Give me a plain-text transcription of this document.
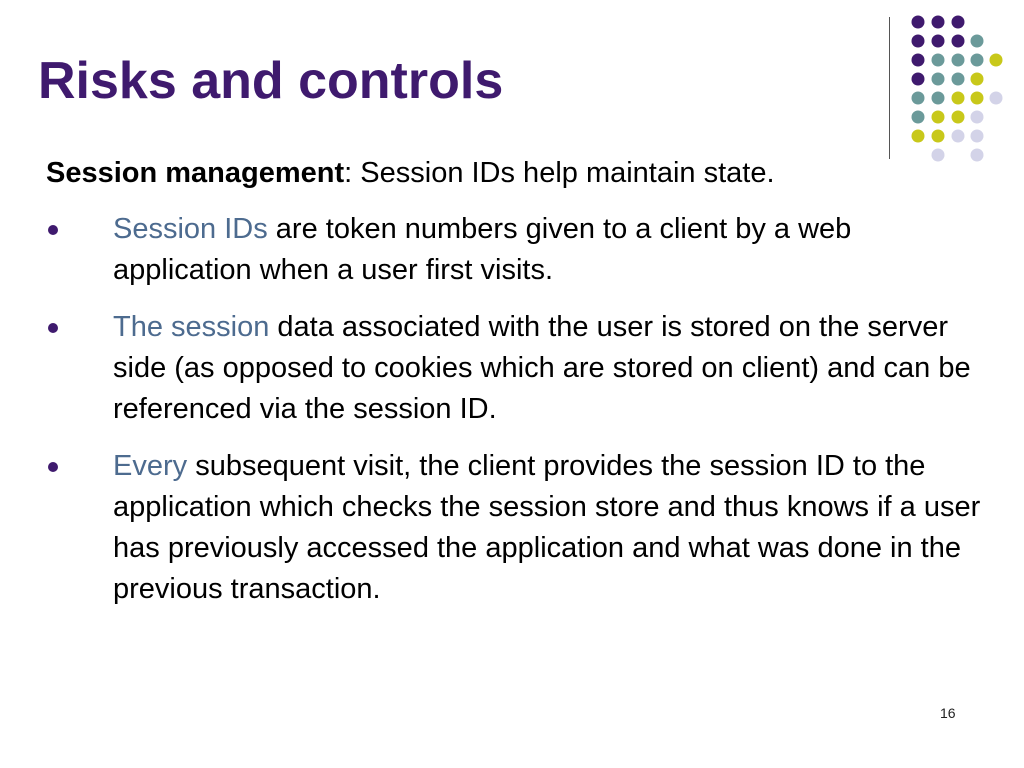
Risks and controls

Session management: Session IDs help maintain state.

Session IDs are token numbers given to a client by a web application when a user first visits.

The session data associated with the user is stored on the server side (as opposed to cookies which are stored on client) and can be referenced via the session ID.

Every subsequent visit, the client provides the session ID to the application which checks the session store and thus knows if a user has previously accessed the application and what was done in the previous transaction.

16
